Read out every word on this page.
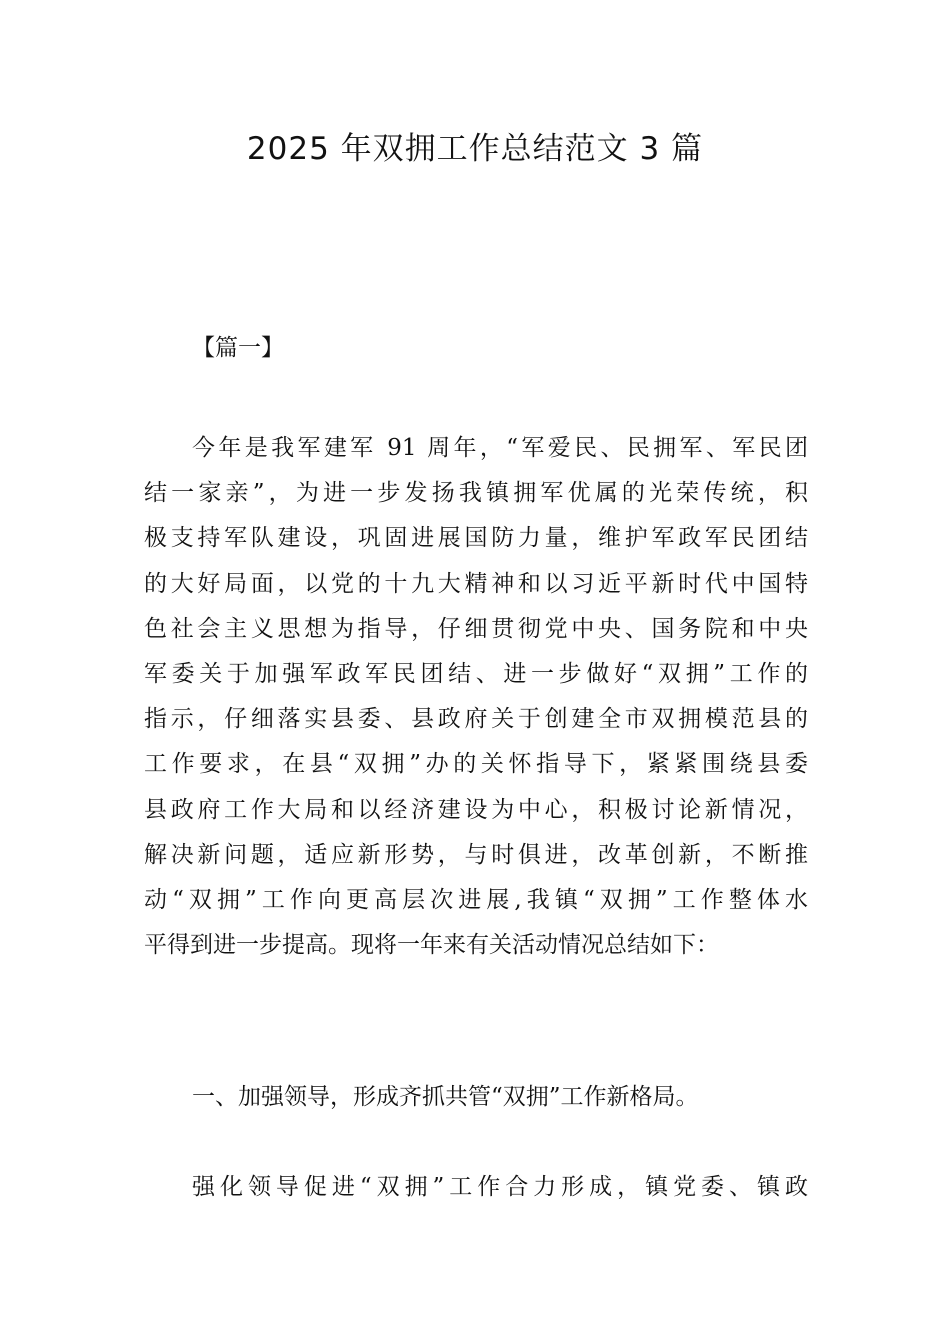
2025 年双拥工作总结范文 3 篇
【篇一】
今年是我军建军 91 周年，“军爱民、民拥军、军民团
结一家亲”，为进一步发扬我镇拥军优属的光荣传统，积
极支持军队建设，巩固进展国防力量，维护军政军民团结
的大好局面，以党的十九大精神和以习近平新时代中国特
色社会主义思想为指导，仔细贯彻党中央、国务院和中央
军委关于加强军政军民团结、进一步做好“双拥”工作的
指示，仔细落实县委、县政府关于创建全市双拥模范县的
工作要求，在县“双拥”办的关怀指导下，紧紧围绕县委
县政府工作大局和以经济建设为中心，积极讨论新情况，
解决新问题，适应新形势，与时俱进，改革创新，不断推
动“双拥”工作向更高层次进展,我镇“双拥”工作整体水
平得到进一步提高。现将一年来有关活动情况总结如下：
一、加强领导，形成齐抓共管“双拥”工作新格局。
强化领导促进“双拥”工作合力形成，镇党委、镇政
